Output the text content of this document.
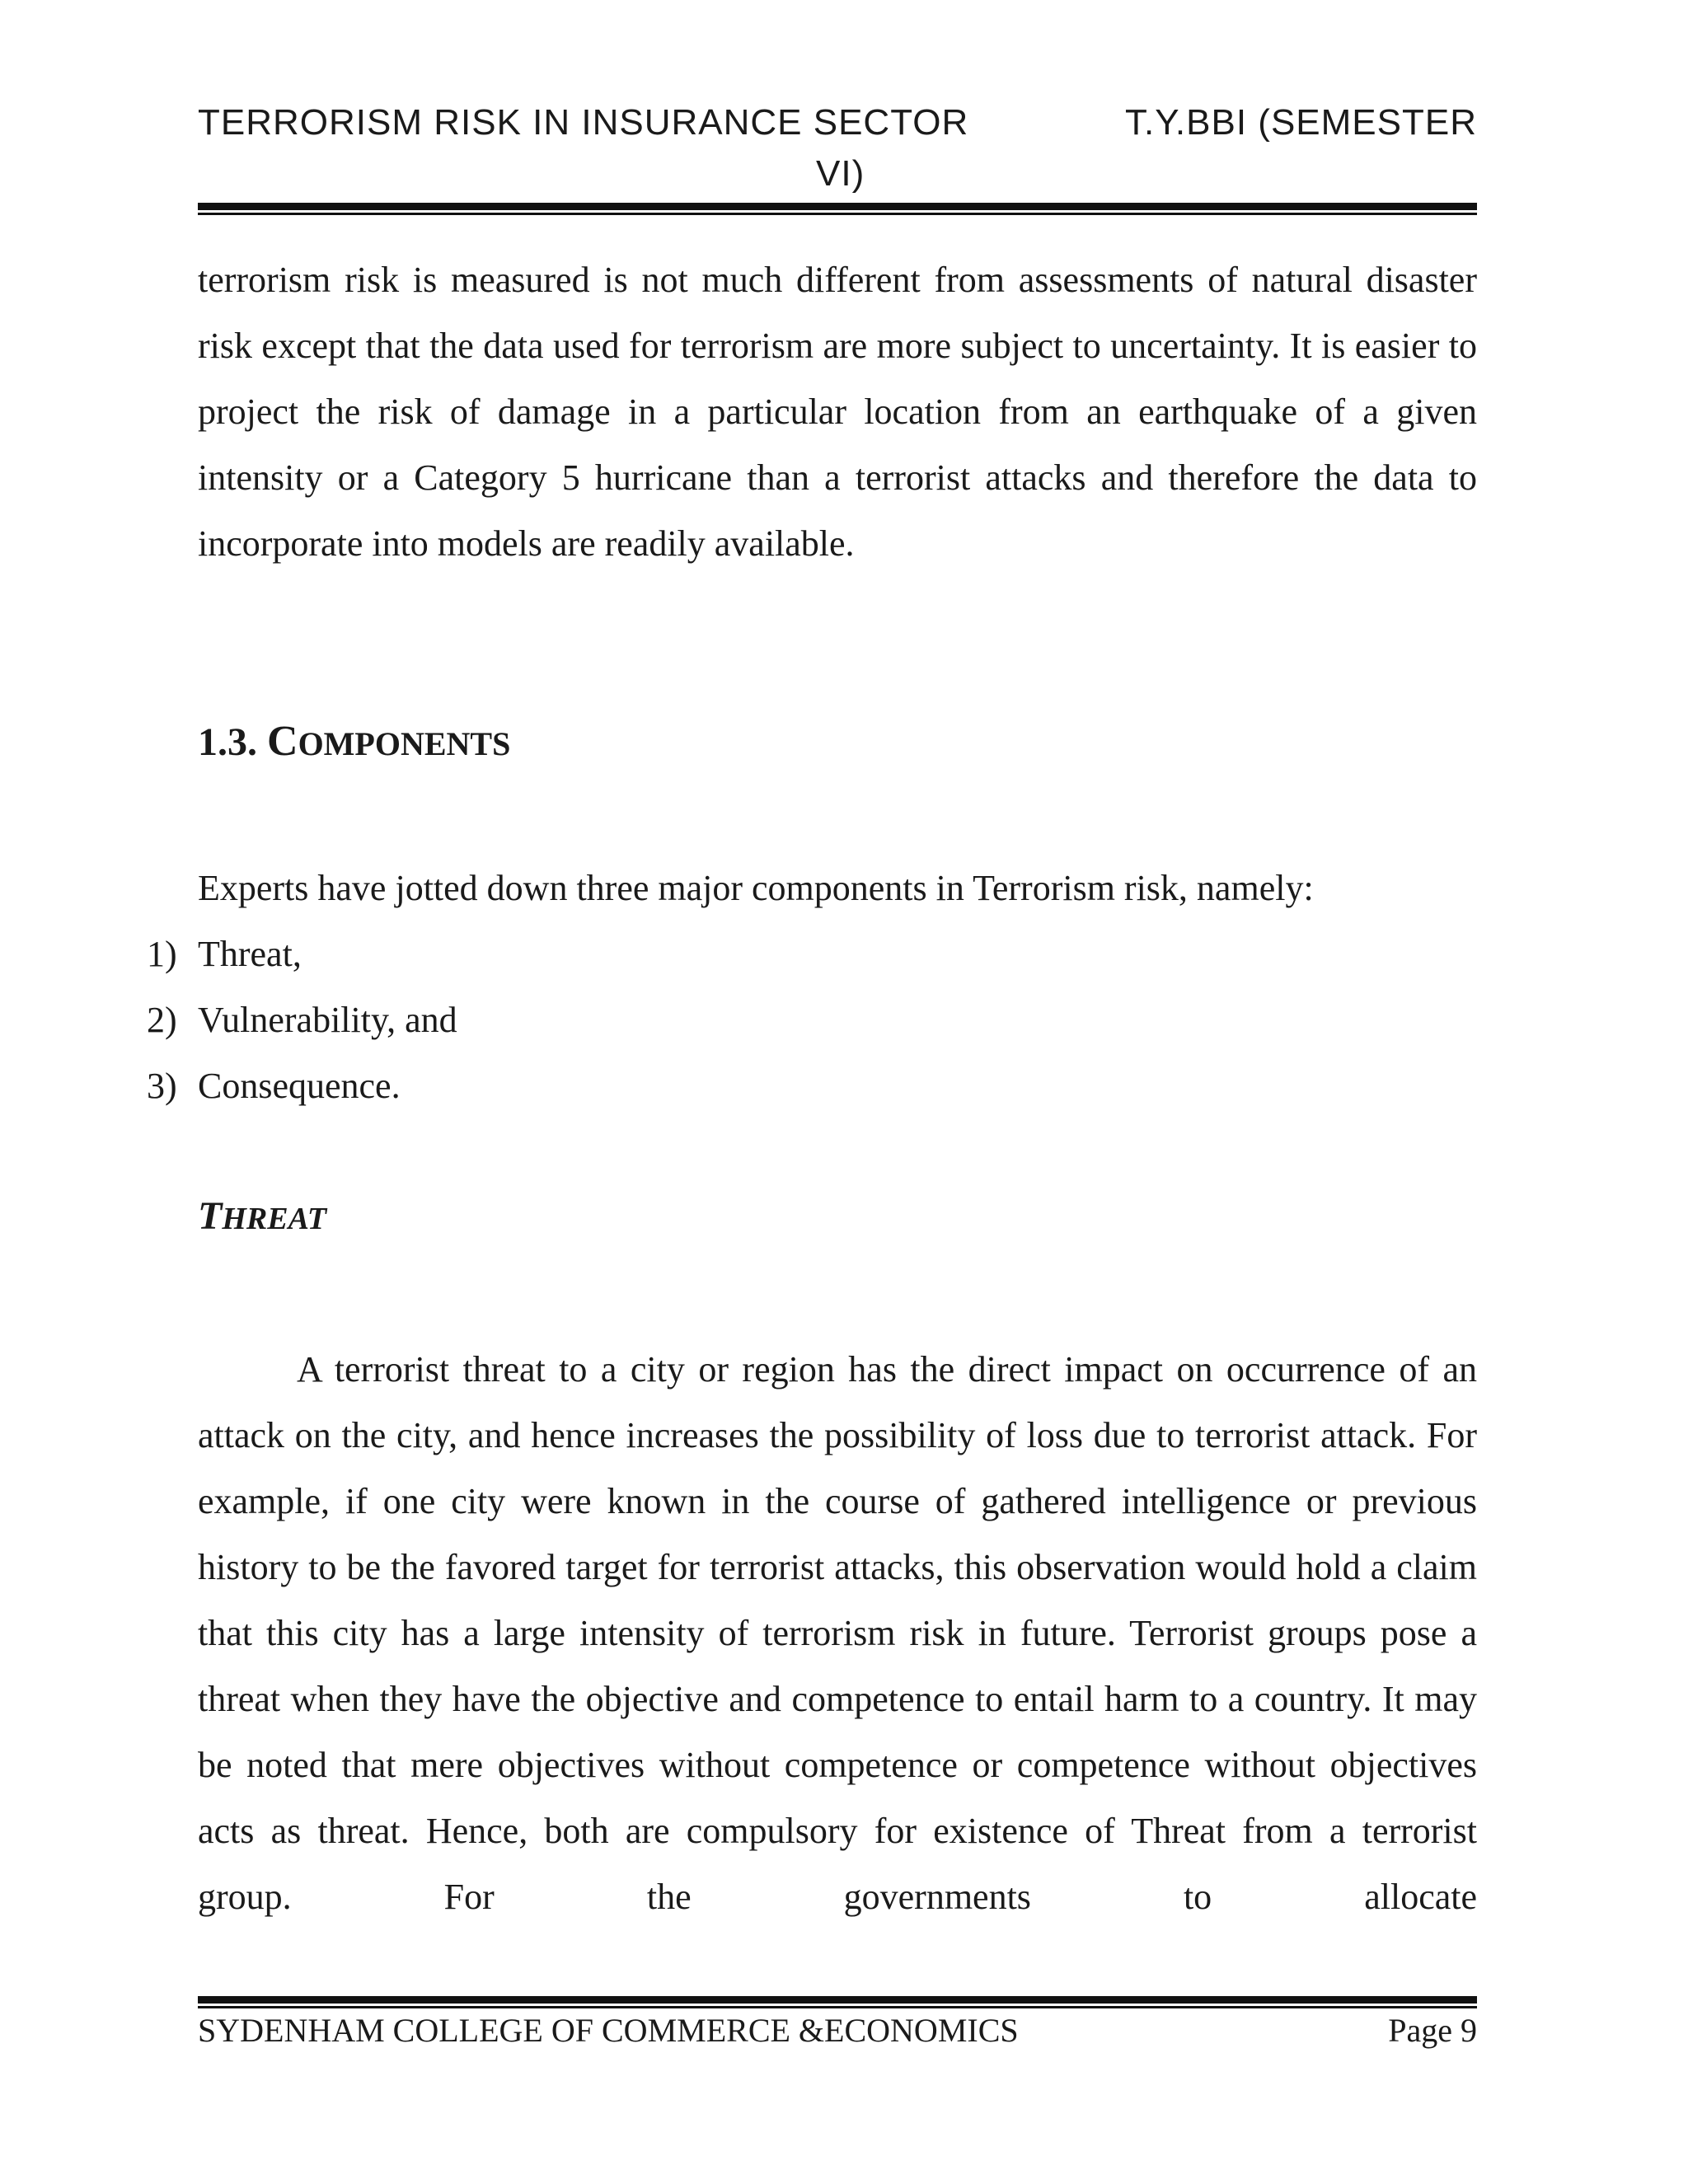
TERRORISM RISK IN INSURANCE SECTOR	T.Y.BBI (SEMESTER
VI)

terrorism risk is measured is not much different from assessments of natural disaster risk except that the data used for terrorism are more subject to uncertainty. It is easier to project the risk of damage in a particular location from an earthquake of a given intensity or a Category 5 hurricane than a terrorist attacks and therefore the data to incorporate into models are readily available.

1.3. COMPONENTS
Experts have jotted down three major components in Terrorism risk, namely:
1) Threat,
2) Vulnerability, and
3) Consequence.
THREAT

A terrorist threat to a city or region has the direct impact on occurrence of an attack on the city, and hence increases the possibility of loss due to terrorist attack. For example, if one city were known in the course of gathered intelligence or previous history to be the favored target for terrorist attacks, this observation would hold a claim that this city has a large intensity of terrorism risk in future. Terrorist groups pose a threat when they have the objective and competence to entail harm to a country. It may be noted that mere objectives without competence or competence without objectives acts as threat. Hence, both are compulsory for existence of Threat from a terrorist group. For the governments to allocate

SYDENHAM COLLEGE OF COMMERCE &ECONOMICS	Page 9
